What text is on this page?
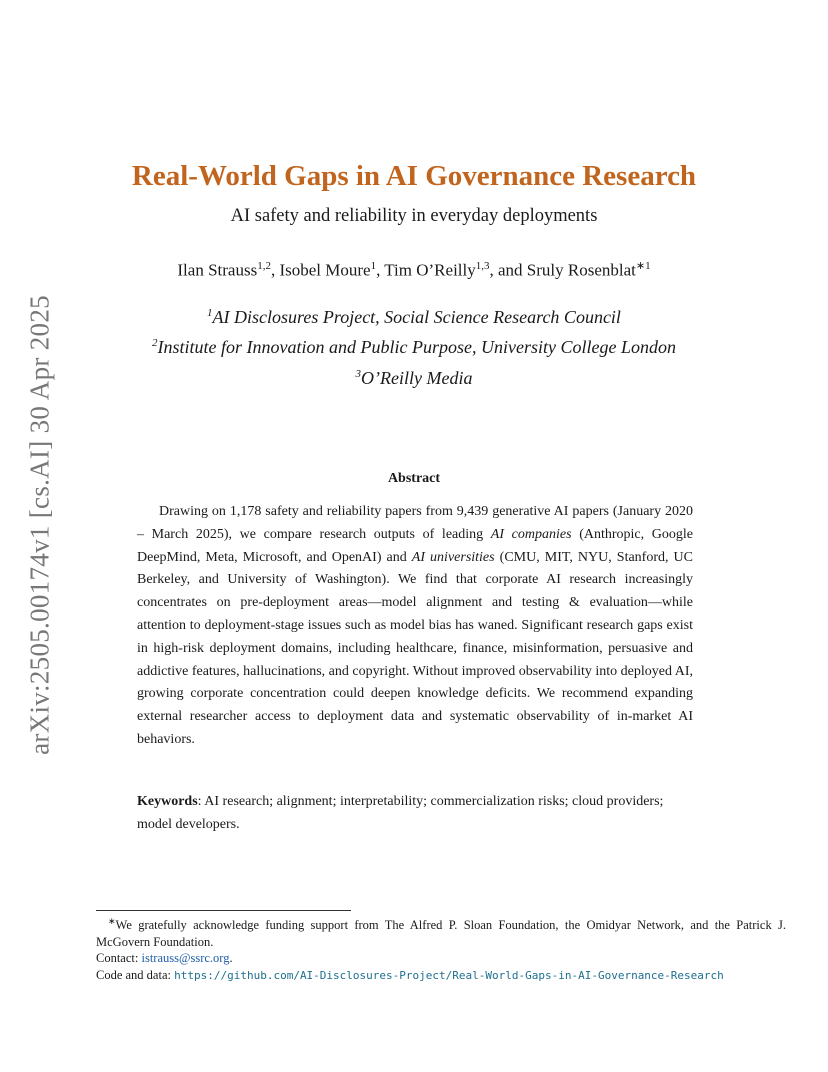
arXiv:2505.00174v1 [cs.AI] 30 Apr 2025
Real-World Gaps in AI Governance Research
AI safety and reliability in everyday deployments
Ilan Strauss$^{1,2}$, Isobel Moure$^1$, Tim O’Reilly$^{1,3}$, and Sruly Rosenblat$^{∗1}$
$^1$AI Disclosures Project, Social Science Research Council
$^2$Institute for Innovation and Public Purpose, University College London
$^3$O’Reilly Media
Abstract

Drawing on 1,178 safety and reliability papers from 9,439 generative AI papers (January 2020 – March 2025), we compare research outputs of leading AI companies (Anthropic, Google DeepMind, Meta, Microsoft, and OpenAI) and AI universities (CMU, MIT, NYU, Stanford, UC Berkeley, and University of Washington). We find that corporate AI research increasingly concentrates on pre-deployment areas—model alignment and testing & evaluation—while attention to deployment-stage issues such as model bias has waned. Significant research gaps exist in high-risk deployment domains, including healthcare, finance, misinformation, persuasive and addictive features, hallucinations, and copyright. Without improved observability into deployed AI, growing corporate concentration could deepen knowledge deficits. We recommend expanding external researcher access to deployment data and systematic observability of in-market AI behaviors.

Keywords: AI research; alignment; interpretability; commercialization risks; cloud providers; model developers.

∗We gratefully acknowledge funding support from The Alfred P. Sloan Foundation, the Omidyar Network, and the Patrick J. McGovern Foundation.

Contact: istrauss@ssrc.org.

Code and data: https://github.com/AI-Disclosures-Project/Real-World-Gaps-in-AI-Governance-Research
